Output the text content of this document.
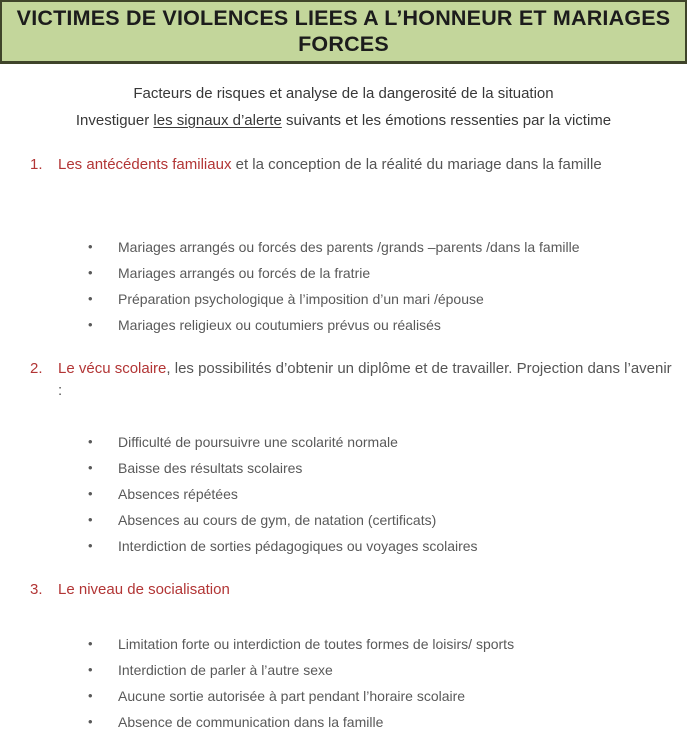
VICTIMES DE VIOLENCES LIEES A L’HONNEUR ET MARIAGES
FORCES
Facteurs de risques et analyse de la dangerosité de la situation
Investiguer les signaux d’alerte suivants et les émotions ressenties par la victime
1.	Les antécédents familiaux et la conception de la réalité du mariage dans la famille
• Mariages arrangés ou forcés des parents /grands –parents /dans la famille
• Mariages arrangés ou forcés de la fratrie
• Préparation psychologique à l’imposition d’un mari /épouse
• Mariages religieux ou coutumiers prévus ou réalisés
2.	Le vécu scolaire, les possibilités d’obtenir un diplôme et de travailler. Projection dans l’avenir :
• Difficulté de poursuivre une scolarité normale
• Baisse des résultats scolaires
• Absences répétées
• Absences au cours de gym, de natation (certificats)
• Interdiction de sorties pédagogiques ou voyages scolaires
3.	Le niveau de socialisation
• Limitation forte ou interdiction de toutes formes de loisirs/ sports
• Interdiction de parler à l’autre sexe
• Aucune sortie autorisée à part pendant l’horaire scolaire
• Absence de communication dans la famille
